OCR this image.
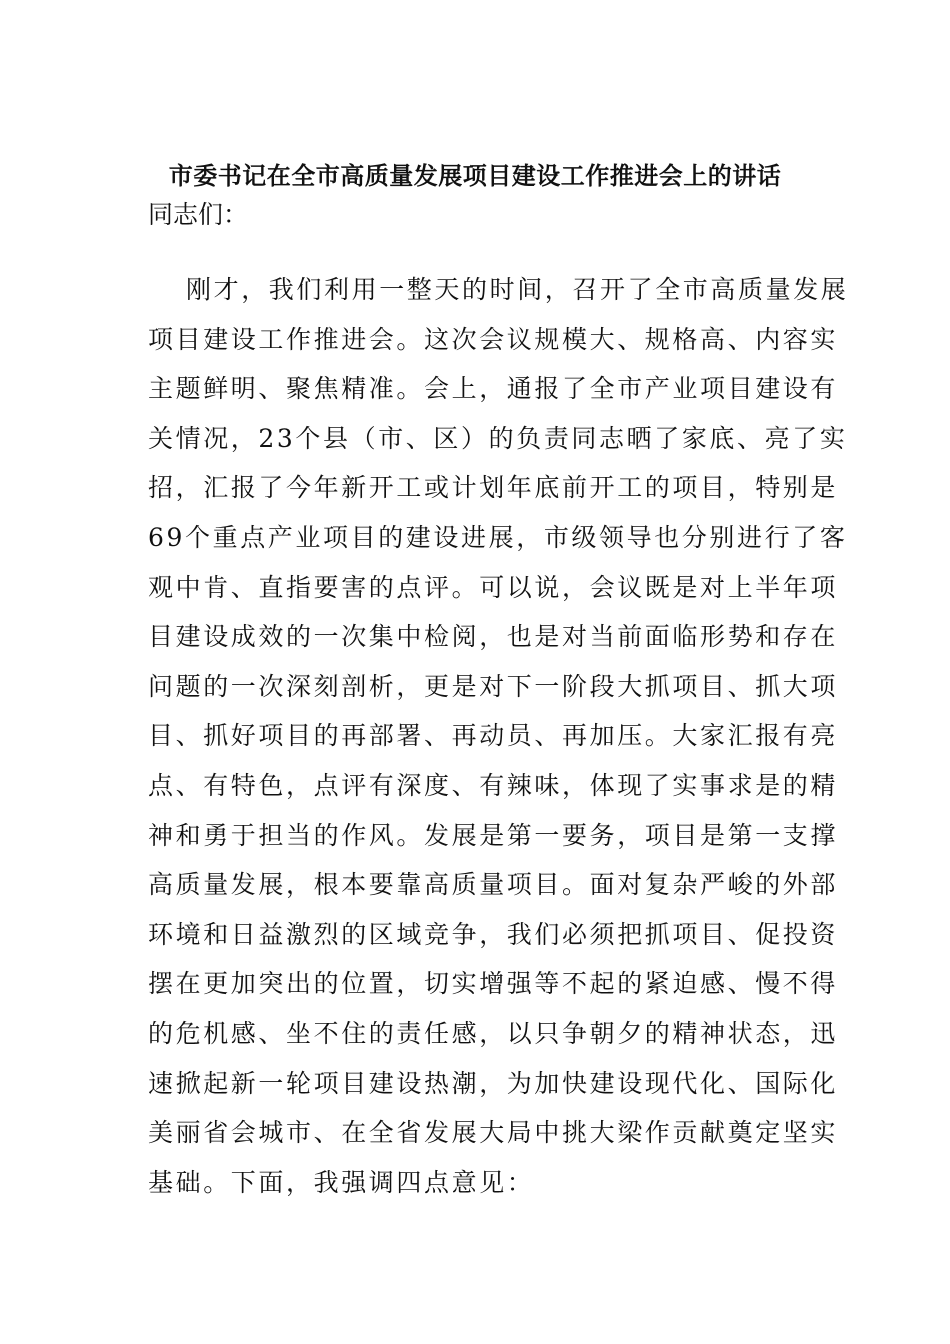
市委书记在全市高质量发展项目建设工作推进会上的讲话
同志们：
刚才，我们利用一整天的时间，召开了全市高质量发展
项目建设工作推进会。这次会议规模大、规格高、内容实
主题鲜明、聚焦精准。会上，通报了全市产业项目建设有
关情况，23个县（市、区）的负责同志晒了家底、亮了实
招，汇报了今年新开工或计划年底前开工的项目，特别是
69个重点产业项目的建设进展，市级领导也分别进行了客
观中肯、直指要害的点评。可以说，会议既是对上半年项
目建设成效的一次集中检阅，也是对当前面临形势和存在
问题的一次深刻剖析，更是对下一阶段大抓项目、抓大项
目、抓好项目的再部署、再动员、再加压。大家汇报有亮
点、有特色，点评有深度、有辣味，体现了实事求是的精
神和勇于担当的作风。发展是第一要务，项目是第一支撑
高质量发展，根本要靠高质量项目。面对复杂严峻的外部
环境和日益激烈的区域竞争，我们必须把抓项目、促投资
摆在更加突出的位置，切实增强等不起的紧迫感、慢不得
的危机感、坐不住的责任感，以只争朝夕的精神状态，迅
速掀起新一轮项目建设热潮，为加快建设现代化、国际化
美丽省会城市、在全省发展大局中挑大梁作贡献奠定坚实
基础。下面，我强调四点意见：
